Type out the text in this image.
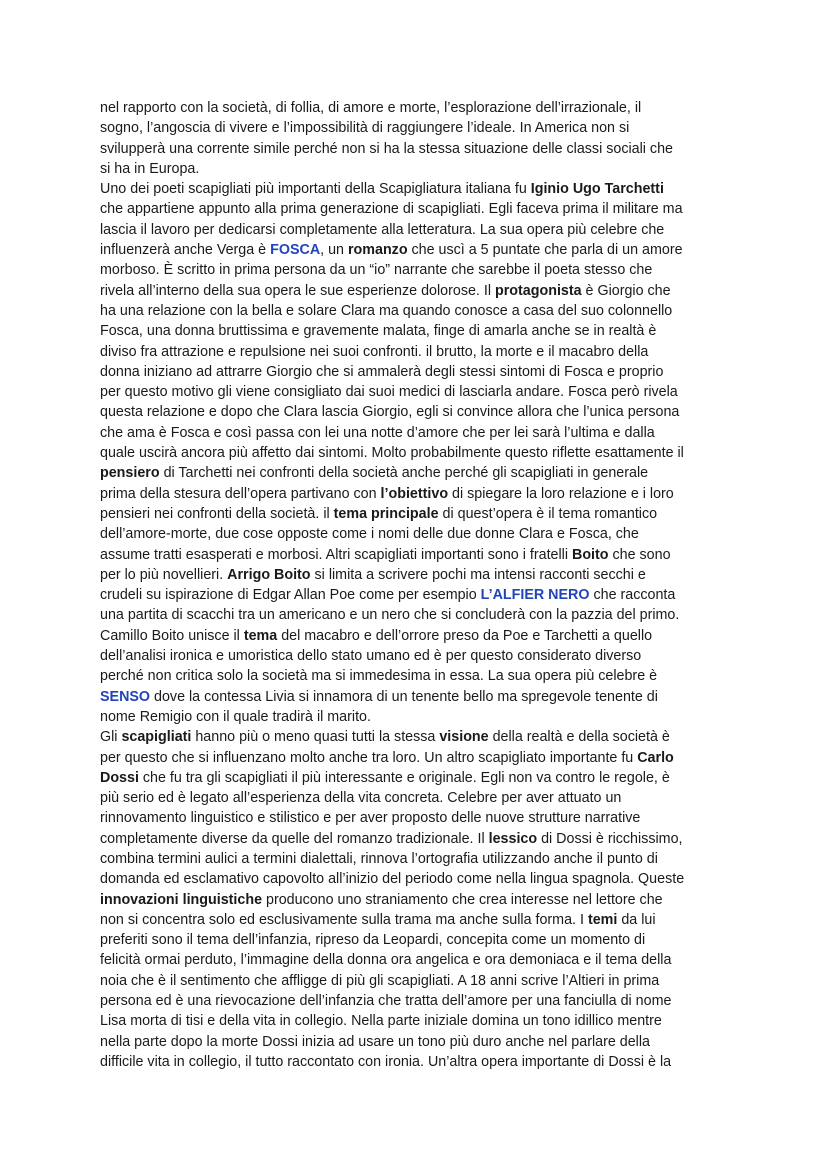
nel rapporto con la società, di follia, di amore e morte, l’esplorazione dell’irrazionale, il
sogno, l’angoscia di vivere e l’impossibilità di raggiungere l’ideale. In America non si
svilupperà una corrente simile perché non si ha la stessa situazione delle classi sociali che
si ha in Europa.
Uno dei poeti scapigliati più importanti della Scapigliatura italiana fu Iginio Ugo Tarchetti
che appartiene appunto alla prima generazione di scapigliati. Egli faceva prima il militare ma
lascia il lavoro per dedicarsi completamente alla letteratura. La sua opera più celebre che
influenzerà anche Verga è FOSCA, un romanzo che uscì a 5 puntate che parla di un amore
morboso. È scritto in prima persona da un “io” narrante che sarebbe il poeta stesso che
rivela all’interno della sua opera le sue esperienze dolorose. Il protagonista è Giorgio che
ha una relazione con la bella e solare Clara ma quando conosce a casa del suo colonnello
Fosca, una donna bruttissima e gravemente malata, finge di amarla anche se in realtà è
diviso fra attrazione e repulsione nei suoi confronti. il brutto, la morte e il macabro della
donna iniziano ad attrarre Giorgio che si ammalerà degli stessi sintomi di Fosca e proprio
per questo motivo gli viene consigliato dai suoi medici di lasciarla andare. Fosca però rivela
questa relazione e dopo che Clara lascia Giorgio, egli si convince allora che l’unica persona
che ama è Fosca e così passa con lei una notte d’amore che per lei sarà l’ultima e dalla
quale uscirà ancora più affetto dai sintomi. Molto probabilmente questo riflette esattamente il
pensiero di Tarchetti nei confronti della società anche perché gli scapigliati in generale
prima della stesura dell’opera partivano con l’obiettivo di spiegare la loro relazione e i loro
pensieri nei confronti della società. il tema principale di quest’opera è il tema romantico
dell’amore-morte, due cose opposte come i nomi delle due donne Clara e Fosca, che
assume tratti esasperati e morbosi. Altri scapigliati importanti sono i fratelli Boito che sono
per lo più novellieri. Arrigo Boito si limita a scrivere pochi ma intensi racconti secchi e
crudeli su ispirazione di Edgar Allan Poe come per esempio L’ALFIER NERO che racconta
una partita di scacchi tra un americano e un nero che si concluderà con la pazzia del primo.
Camillo Boito unisce il tema del macabro e dell’orrore preso da Poe e Tarchetti a quello
dell’analisi ironica e umoristica dello stato umano ed è per questo considerato diverso
perché non critica solo la società ma si immedesima in essa. La sua opera più celebre è
SENSO dove la contessa Livia si innamora di un tenente bello ma spregevole tenente di
nome Remigio con il quale tradirà il marito.
Gli scapigliati hanno più o meno quasi tutti la stessa visione della realtà e della società è
per questo che si influenzano molto anche tra loro. Un altro scapigliato importante fu Carlo
Dossi che fu tra gli scapigliati il più interessante e originale. Egli non va contro le regole, è
più serio ed è legato all’esperienza della vita concreta. Celebre per aver attuato un
rinnovamento linguistico e stilistico e per aver proposto delle nuove strutture narrative
completamente diverse da quelle del romanzo tradizionale. Il lessico di Dossi è ricchissimo,
combina termini aulici a termini dialettali, rinnova l’ortografia utilizzando anche il punto di
domanda ed esclamativo capovolto all’inizio del periodo come nella lingua spagnola. Queste
innovazioni linguistiche producono uno straniamento che crea interesse nel lettore che
non si concentra solo ed esclusivamente sulla trama ma anche sulla forma. I temi da lui
preferiti sono il tema dell’infanzia, ripreso da Leopardi, concepita come un momento di
felicità ormai perduto, l’immagine della donna ora angelica e ora demoniaca e il tema della
noia che è il sentimento che affligge di più gli scapigliati. A 18 anni scrive l’Altieri in prima
persona ed è una rievocazione dell’infanzia che tratta dell’amore per una fanciulla di nome
Lisa morta di tisi e della vita in collegio. Nella parte iniziale domina un tono idillico mentre
nella parte dopo la morte Dossi inizia ad usare un tono più duro anche nel parlare della
difficile vita in collegio, il tutto raccontato con ironia. Un’altra opera importante di Dossi è la
